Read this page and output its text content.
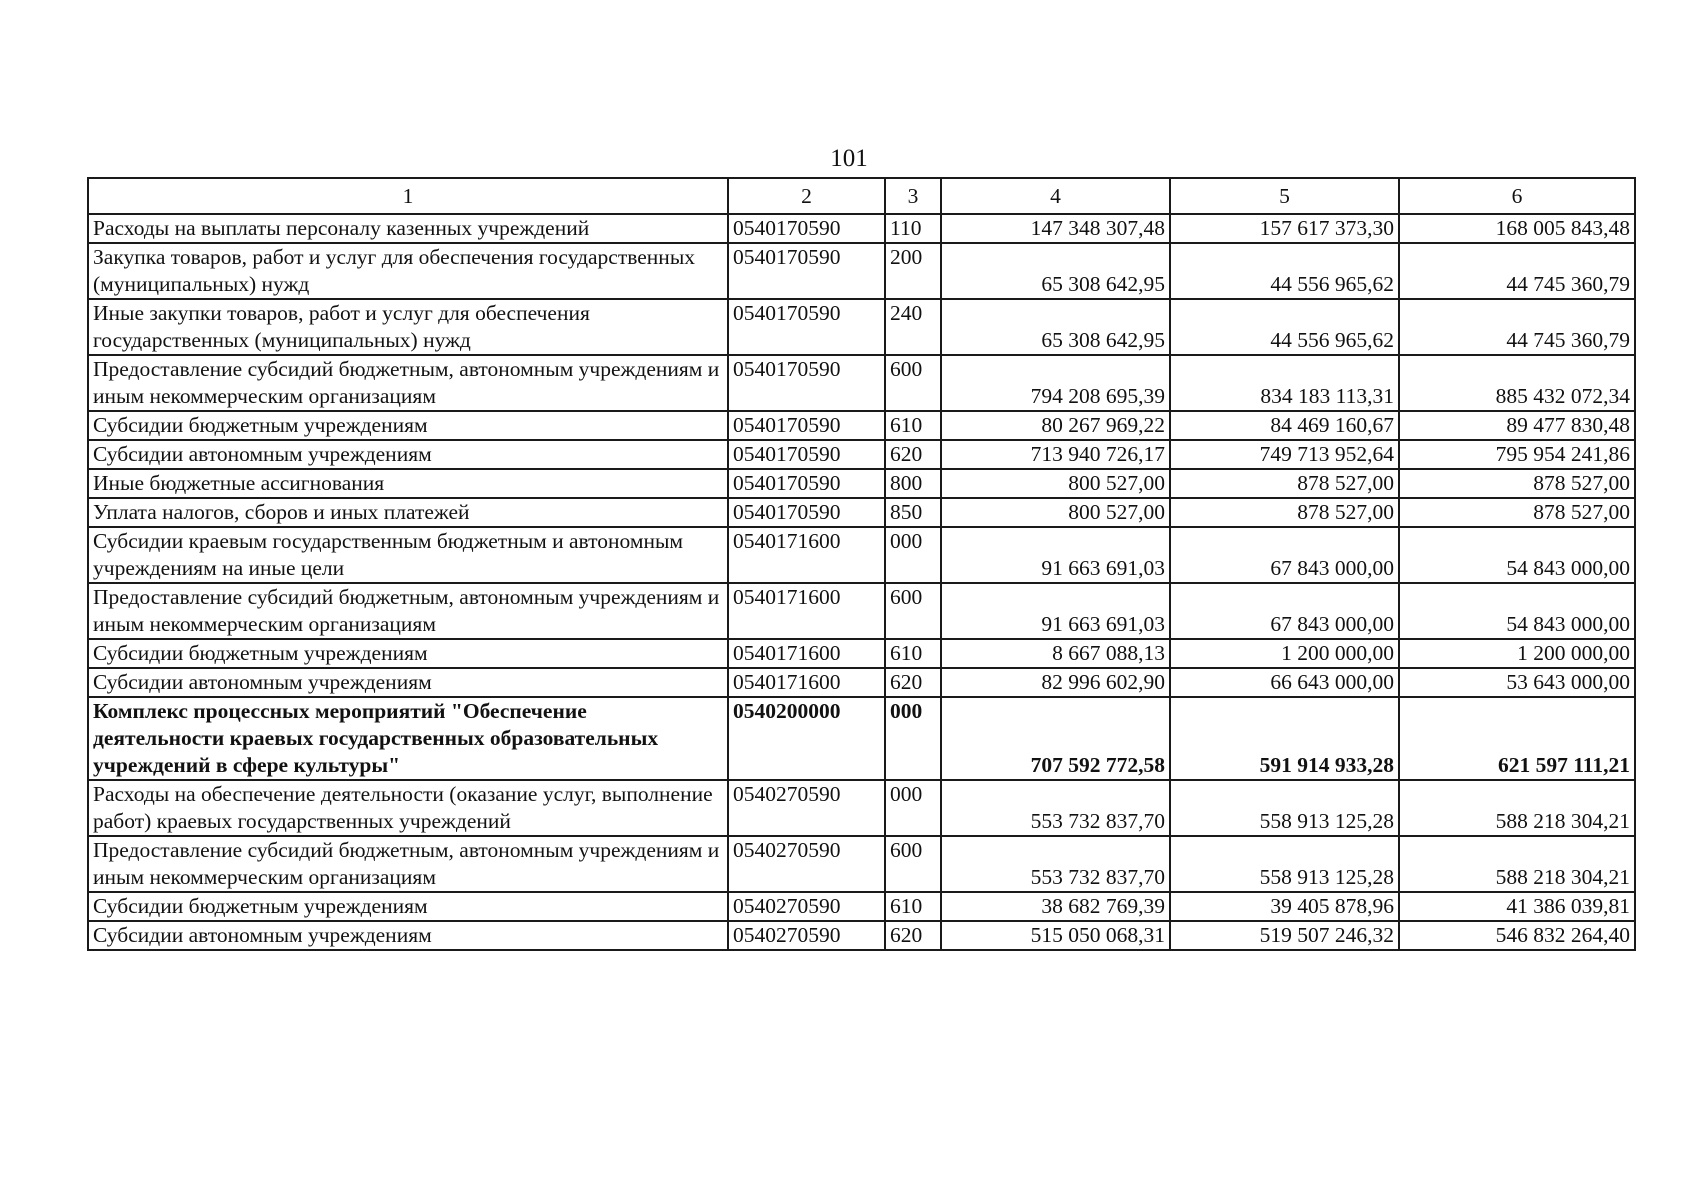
101
1	2	3	4	5	6
Расходы на выплаты персоналу казенных учреждений	0540170590	110	147 348 307,48	157 617 373,30	168 005 843,48
Закупка товаров, работ и услуг для обеспечения государственных (муниципальных) нужд	0540170590	200	65 308 642,95	44 556 965,62	44 745 360,79
Иные закупки товаров, работ и услуг для обеспечения государственных (муниципальных) нужд	0540170590	240	65 308 642,95	44 556 965,62	44 745 360,79
Предоставление субсидий бюджетным, автономным учреждениям и иным некоммерческим организациям	0540170590	600	794 208 695,39	834 183 113,31	885 432 072,34
Субсидии бюджетным учреждениям	0540170590	610	80 267 969,22	84 469 160,67	89 477 830,48
Субсидии автономным учреждениям	0540170590	620	713 940 726,17	749 713 952,64	795 954 241,86
Иные бюджетные ассигнования	0540170590	800	800 527,00	878 527,00	878 527,00
Уплата налогов, сборов и иных платежей	0540170590	850	800 527,00	878 527,00	878 527,00
Субсидии краевым государственным бюджетным и автономным учреждениям на иные цели	0540171600	000	91 663 691,03	67 843 000,00	54 843 000,00
Предоставление субсидий бюджетным, автономным учреждениям и иным некоммерческим организациям	0540171600	600	91 663 691,03	67 843 000,00	54 843 000,00
Субсидии бюджетным учреждениям	0540171600	610	8 667 088,13	1 200 000,00	1 200 000,00
Субсидии автономным учреждениям	0540171600	620	82 996 602,90	66 643 000,00	53 643 000,00
Комплекс процессных мероприятий "Обеспечение деятельности краевых государственных образовательных учреждений в сфере культуры"	0540200000	000	707 592 772,58	591 914 933,28	621 597 111,21
Расходы на обеспечение деятельности (оказание услуг, выполнение работ) краевых государственных учреждений	0540270590	000	553 732 837,70	558 913 125,28	588 218 304,21
Предоставление субсидий бюджетным, автономным учреждениям и иным некоммерческим организациям	0540270590	600	553 732 837,70	558 913 125,28	588 218 304,21
Субсидии бюджетным учреждениям	0540270590	610	38 682 769,39	39 405 878,96	41 386 039,81
Субсидии автономным учреждениям	0540270590	620	515 050 068,31	519 507 246,32	546 832 264,40
